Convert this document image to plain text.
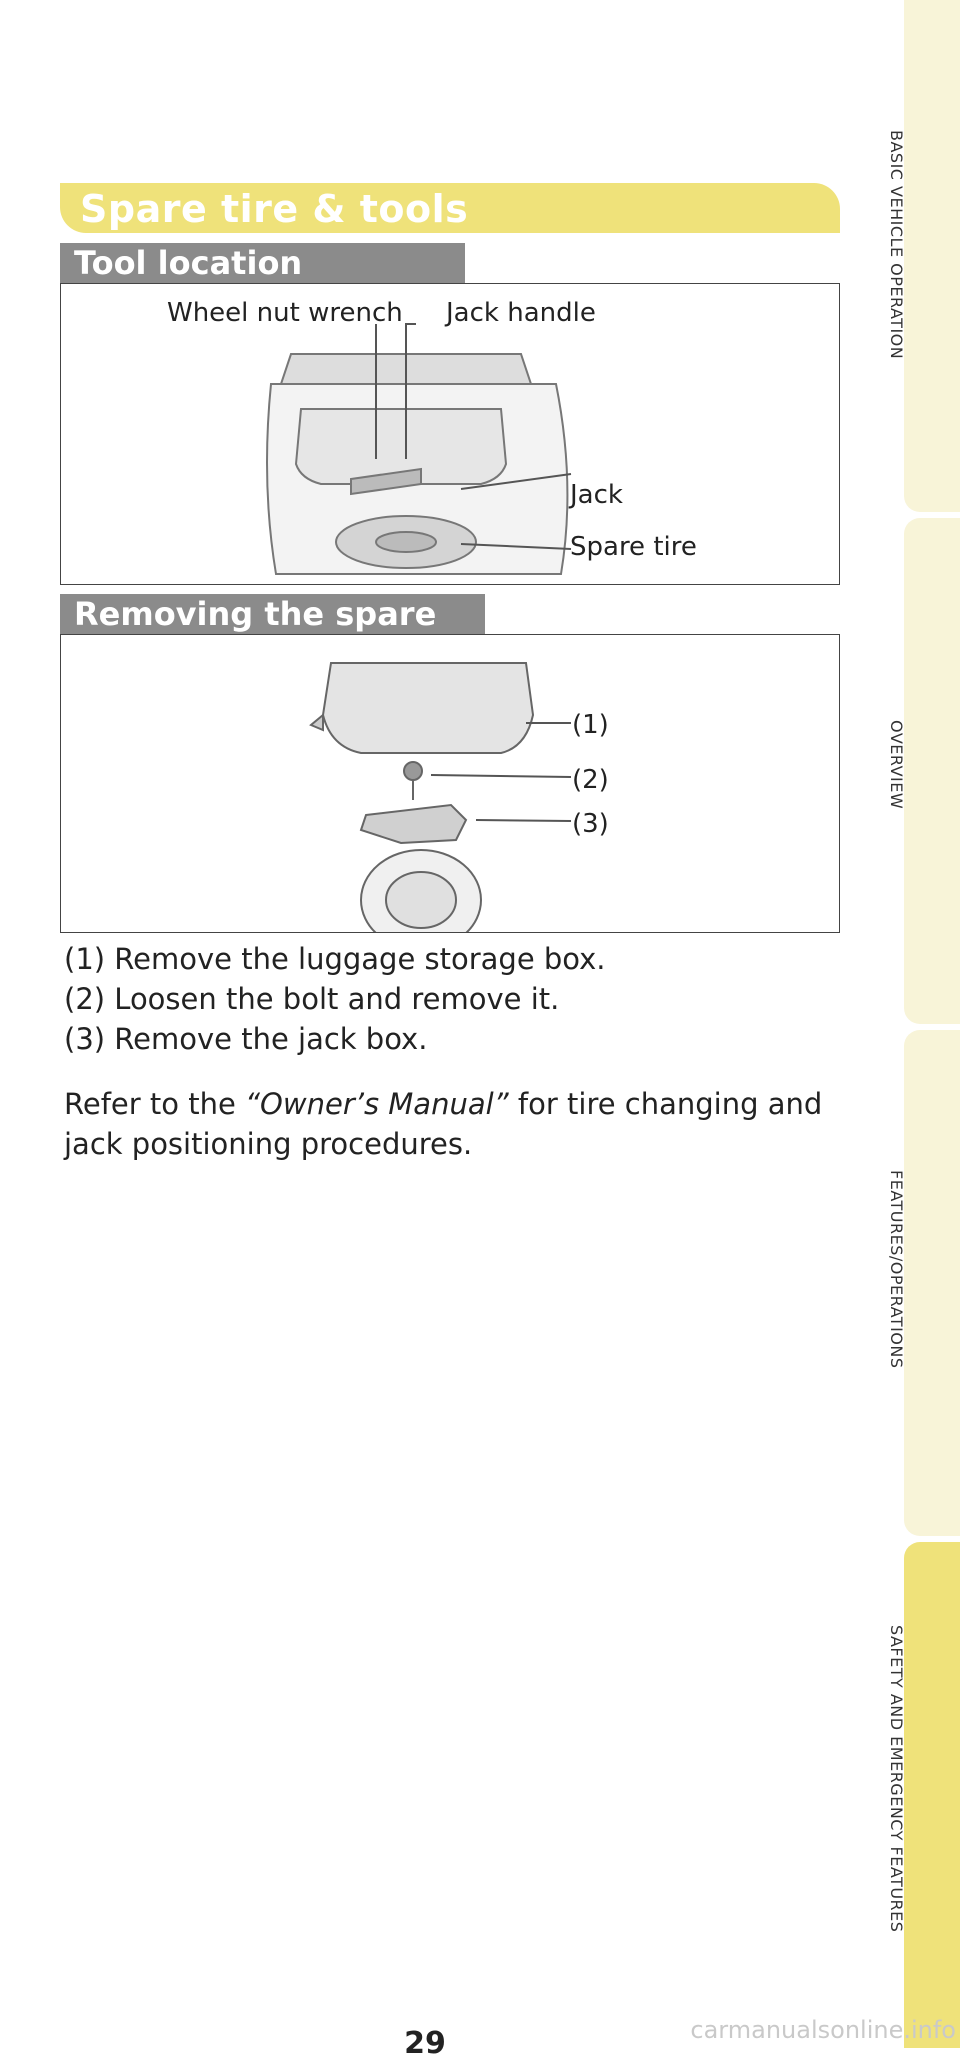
Spare tire & tools
Tool location
Wheel nut wrench Jack handle
Jack
Spare tire
Removing the spare
(1)
(2)
(3)
(1) Remove the luggage storage box.
(2) Loosen the bolt and remove it.
(3) Remove the jack box.
Refer to the “Owner’s Manual” for tire changing and jack positioning procedures.
BASIC VEHICLE OPERATION
OVERVIEW
FEATURES/OPERATIONS
SAFETY AND EMERGENCY FEATURES
29	carmanualsonline.info
